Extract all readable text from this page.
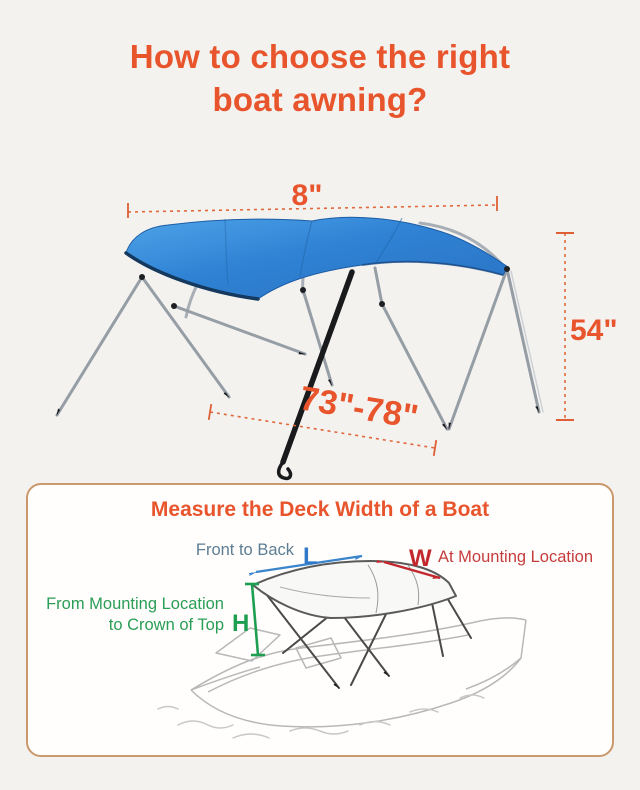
How to choose the right
boat awning?
8"
54"
73"-78"
Measure the Deck Width of a Boat
Front to Back L	W At Mounting Location
From Mounting Location
to Crown of Top H
